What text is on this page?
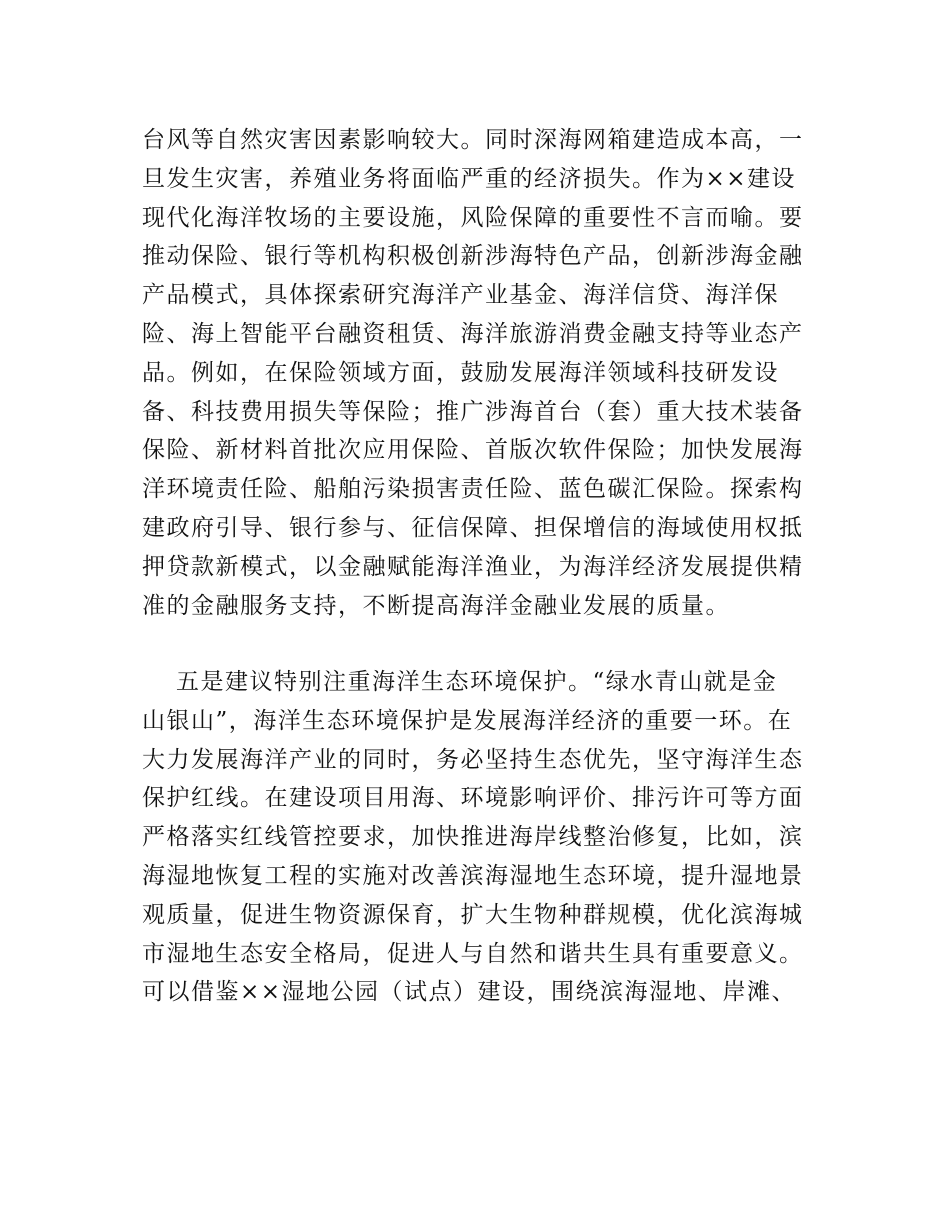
台风等自然灾害因素影响较大。同时深海网箱建造成本高，一
旦发生灾害，养殖业务将面临严重的经济损失。作为××建设
现代化海洋牧场的主要设施，风险保障的重要性不言而喻。要
推动保险、银行等机构积极创新涉海特色产品，创新涉海金融
产品模式，具体探索研究海洋产业基金、海洋信贷、海洋保
险、海上智能平台融资租赁、海洋旅游消费金融支持等业态产
品。例如，在保险领域方面，鼓励发展海洋领域科技研发设
备、科技费用损失等保险；推广涉海首台（套）重大技术装备
保险、新材料首批次应用保险、首版次软件保险；加快发展海
洋环境责任险、船舶污染损害责任险、蓝色碳汇保险。探索构
建政府引导、银行参与、征信保障、担保增信的海域使用权抵
押贷款新模式，以金融赋能海洋渔业，为海洋经济发展提供精
准的金融服务支持，不断提高海洋金融业发展的质量。
五是建议特别注重海洋生态环境保护。“绿水青山就是金
山银山”，海洋生态环境保护是发展海洋经济的重要一环。在
大力发展海洋产业的同时，务必坚持生态优先，坚守海洋生态
保护红线。在建设项目用海、环境影响评价、排污许可等方面
严格落实红线管控要求，加快推进海岸线整治修复，比如，滨
海湿地恢复工程的实施对改善滨海湿地生态环境，提升湿地景
观质量，促进生物资源保育，扩大生物种群规模，优化滨海城
市湿地生态安全格局，促进人与自然和谐共生具有重要意义。
可以借鉴××湿地公园（试点）建设，围绕滨海湿地、岸滩、
